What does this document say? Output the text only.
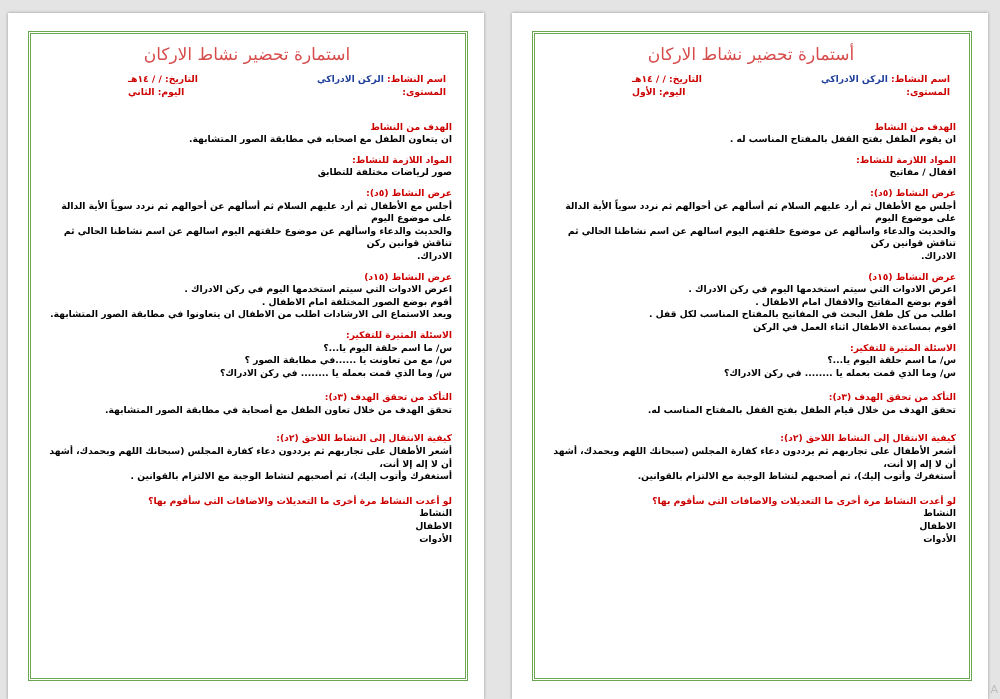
استمارة تحضير نشاط الاركان
اسم النشاط: الركن الادراكي
التاريخ: / / ١٤هـ
المستوى:
اليوم: الثاني
الهدف من النشاط
ان يتعاون الطفل مع اصحابه في مطابقة الصور المتشابهة.
المواد اللازمة للنشاط:
صور لرياضات مختلفة للتطابق
عرض النشاط (٥د):
أجلس مع الأطفال ثم أرد عليهم السلام ثم أسألهم عن أحوالهم ثم نردد سوياً الأية الدالة على موضوع اليوم
والحديث والدعاء واسألهم عن موضوع حلقتهم اليوم اسالهم عن اسم نشاطنا الحالي ثم تناقش قوانين ركن
الادراك.
عرض النشاط (١٥د)
اعرض الادوات التي سيتم استخدمها اليوم في ركن الادراك .
أقوم بوضع الصور المختلفة امام الاطفال .
ويعد الاستماع الى الارشادات اطلب من الاطفال ان يتعاونوا في مطابقة الصور المتشابهة.
الاسئلة المثيرة للتفكير:
س/ ما اسم حلقة اليوم يا...؟
س/ مع من تعاونت يا ......في مطابقة الصور ؟
س/ وما الذي قمت بعمله يا ........ في ركن الادراك؟
التأكد من تحقق الهدف (٣د):
تحقق الهدف من خلال تعاون الطفل مع أصحابة في مطابقة الصور المتشابهة.
كيفية الانتقال إلى النشاط اللاحق (٢د):
أشعر الأطفال على تجاربهم ثم يرددون دعاء كفارة المجلس (سبحانك اللهم وبحمدك، أشهد أن لا إله إلا أنت،
أستغفرك وأتوب إليك)، ثم أصحبهم لنشاط الوجبة مع الالتزام بالقوانين .
لو أعدت النشاط مرة أخرى ما التعديلات والاضافات التي سأقوم بها؟
النشاط
الاطفال
الأدوات
أستمارة تحضير نشاط الاركان
اسم النشاط: الركن الادراكي
التاريخ: / / ١٤هـ
المستوى:
اليوم: الأول
الهدف من النشاط
ان يقوم الطفل بفتح القفل بالمفتاح المناسب له .
المواد اللازمة للنشاط:
اقفال / مفاتيح
عرض النشاط (٥د):
أجلس مع الأطفال ثم أرد عليهم السلام ثم أسألهم عن أحوالهم ثم نردد سوياً الأية الدالة على موضوع اليوم
والحديث والدعاء واسألهم عن موضوع حلقتهم اليوم اسالهم عن اسم نشاطنا الحالي ثم تناقش قوانين ركن
الادراك.
عرض النشاط (١٥د)
اعرض الادوات التي سيتم استخدمها اليوم في ركن الادراك .
أقوم بوضع المفاتيح والاقفال امام الاطفال .
اطلب من كل طفل البحث في المفاتيح بالمفتاح المناسب لكل قفل .
اقوم بمساعدة الاطفال اثناء العمل في الركن
الاسئلة المثيرة للتفكير:
س/ ما اسم حلقة اليوم يا...؟
س/ وما الذي قمت بعمله يا ........ في ركن الادراك؟
التأكد من تحقق الهدف (٣د):
تحقق الهدف من خلال قيام الطفل بفتح القفل بالمفتاح المناسب له.
كيفية الانتقال إلى النشاط اللاحق (٢د):
أشعر الأطفال على تجاربهم ثم يرددون دعاء كفارة المجلس (سبحانك اللهم وبحمدك، أشهد أن لا إله إلا أنت،
أستغفرك وأتوب إليك)، ثم أصحبهم لنشاط الوجبة مع الالتزام بالقوانين.
لو أعدت النشاط مرة أخرى ما التعديلات والاضافات التي سأقوم بها؟
النشاط
الاطفال
الأدوات
A
